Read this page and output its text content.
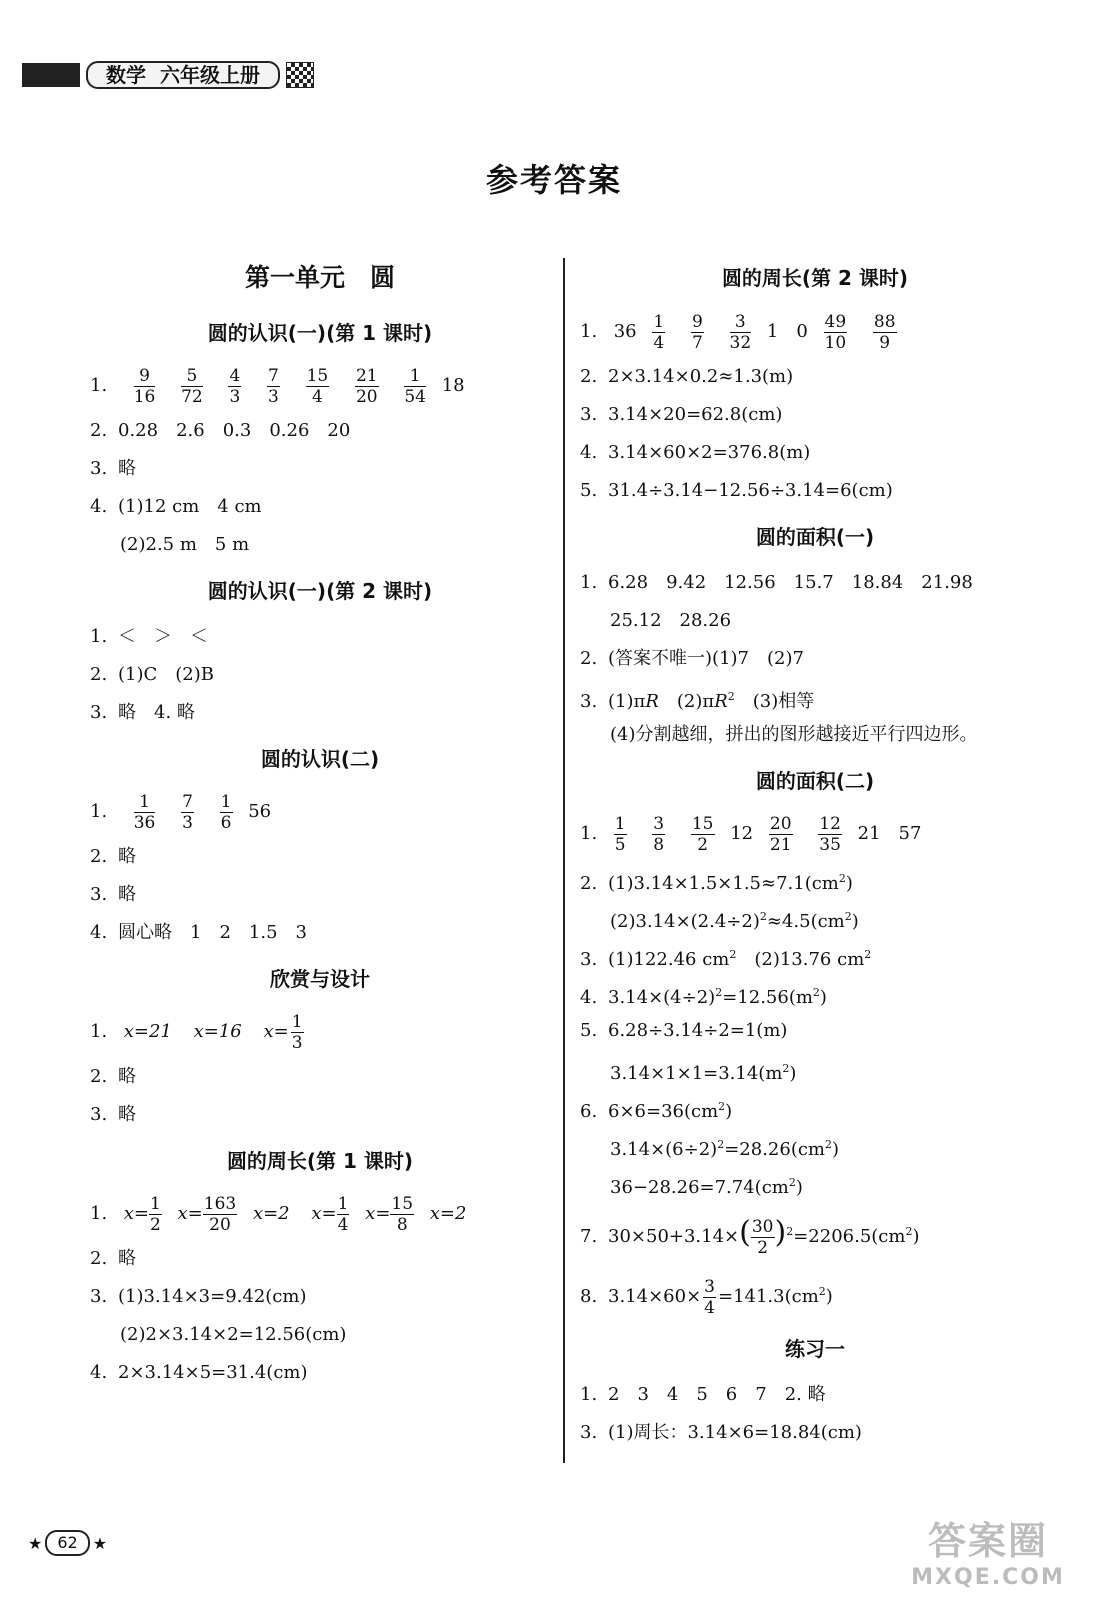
数学 六年级上册
参考答案
第一单元　圆
圆的认识(一)(第 1 课时)
1. $\frac{9}{16}$
$\frac{5}{72}$
$\frac{4}{3}$
$\frac{7}{3}$
$\frac{15}{4}$
$\frac{21}{20}$
$\frac{1}{54} 18$
2. 0.28　2.6　0.3　0.26　20
3. 略
4. (1)12 cm　4 cm
(2)2.5 m　5 m
圆的认识(一)(第 2 课时)
1. ＜　＞　＜
2. (1)C　(2)B
3. 略　4. 略
圆的认识(二)
1. $\frac{1}{36}$
$\frac{7}{3}$
$\frac{1}{6} 56$
2. 略
3. 略
4. 圆心略　1　2　1.5　3
欣赏与设计
1. x=21 x=16 $x= \frac{1}{3}$
2. 略
3. 略
圆的周长(第 1 课时)
1. $x= \frac{1}{2} x= \frac{163}{20} x=2$ $x= \frac{1}{4} x= \frac{15}{8} x=2$
2. 略
3. (1)3.14×3=9.42(cm)
(2)2×3.14×2=12.56(cm)
4. 2×3.14×5=31.4(cm)
圆的周长(第 2 课时)
1. $36 \frac{1}{4}$
$\frac{9}{7}$
$\frac{3}{32} 1$　$0 \frac{49}{10}$
$\frac{88}{9}$
2. 2×3.14×0.2≈1.3(m)
3. 3.14×20=62.8(cm)
4. 3.14×60×2=376.8(m)
5. 31.4÷3.14−12.56÷3.14=6(cm)
圆的面积(一)
1. 6.28　9.42　12.56　15.7　18.84　21.98
25.12　28.26
2. (答案不唯一)(1)7　(2)7
3. (1)πR　$(2)\pi R^2$　(3)相等
(4)分割越细，拼出的图形越接近平行四边形。
圆的面积(二)
1. $\frac{1}{5}$
$\frac{3}{8}$
$\frac{15}{2} 12 \frac{20}{21}$
$\frac{12}{35} 21$　57
2. $(1)3.14\times 1.5\times 1.5\approx 7.1(cm^2)$
$(2)3.14\times(2.4\div 2)^2\approx 4.5(cm^2)$
3. (1)122.46 $cm^2$　(2)13.76 $cm^2$
4. $3.14\times(4\div 2)^2=12.56(m^2)$
5. 6.28÷3.14÷2=1(m)
$3.14\times 1\times 1=3.14(m^2)$
6. $6\times 6=36(cm^2)$
$3.14\times(6\div 2)^2=28.26(cm^2)$
$36-28.26=7.74(cm^2)$
7. $30\times 50+3.14\times( \frac{30}{2} )^2=2206.5(cm^2)$
8. $3.14\times 60\times \frac{3}{4} =141.3(cm^2)$
练习一
1. 2　3　4　5　6　7　2. 略
3. (1)周长：3.14×6=18.84(cm)
★ 62 ★	答案圈
MXQE.COM
